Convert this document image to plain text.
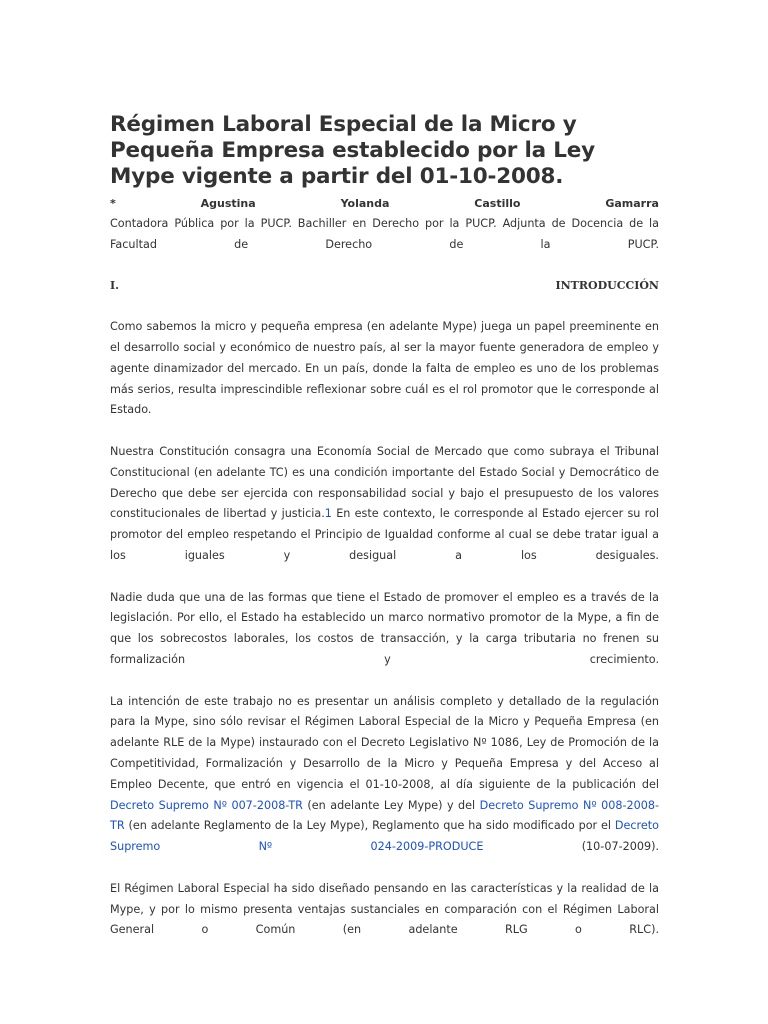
Régimen Laboral Especial de la Micro y Pequeña Empresa establecido por la Ley Mype vigente a partir del 01-10-2008.
*	Agustina	Yolanda	Castillo	Gamarra

Contadora Pública por la PUCP. Bachiller en Derecho por la PUCP. Adjunta de Docencia de la Facultad de Derecho de la PUCP.

I.	INTRODUCCIÓN

Como sabemos la micro y pequeña empresa (en adelante Mype) juega un papel preeminente en el desarrollo social y económico de nuestro país, al ser la mayor fuente generadora de empleo y agente dinamizador del mercado. En un país, donde la falta de empleo es uno de los problemas más serios, resulta imprescindible reflexionar sobre cuál es el rol promotor que le corresponde al Estado.

Nuestra Constitución consagra una Economía Social de Mercado que como subraya el Tribunal Constitucional (en adelante TC) es una condición importante del Estado Social y Democrático de Derecho que debe ser ejercida con responsabilidad social y bajo el presupuesto de los valores constitucionales de libertad y justicia.1 En este contexto, le corresponde al Estado ejercer su rol promotor del empleo respetando el Principio de Igualdad conforme al cual se debe tratar igual a los iguales y desigual a los desiguales.

Nadie duda que una de las formas que tiene el Estado de promover el empleo es a través de la legislación. Por ello, el Estado ha establecido un marco normativo promotor de la Mype, a fin de que los sobrecostos laborales, los costos de transacción, y la carga tributaria no frenen su formalización y crecimiento.

La intención de este trabajo no es presentar un análisis completo y detallado de la regulación para la Mype, sino sólo revisar el Régimen Laboral Especial de la Micro y Pequeña Empresa (en adelante RLE de la Mype) instaurado con el Decreto Legislativo Nº 1086, Ley de Promoción de la Competitividad, Formalización y Desarrollo de la Micro y Pequeña Empresa y del Acceso al Empleo Decente, que entró en vigencia el 01-10-2008, al día siguiente de la publicación del Decreto Supremo Nº 007-2008-TR (en adelante Ley Mype) y del Decreto Supremo Nº 008-2008-TR (en adelante Reglamento de la Ley Mype), Reglamento que ha sido modificado por el Decreto Supremo Nº 024-2009-PRODUCE (10-07-2009).

El Régimen Laboral Especial ha sido diseñado pensando en las características y la realidad de la Mype, y por lo mismo presenta ventajas sustanciales en comparación con el Régimen Laboral General o Común (en adelante RLG o RLC).
